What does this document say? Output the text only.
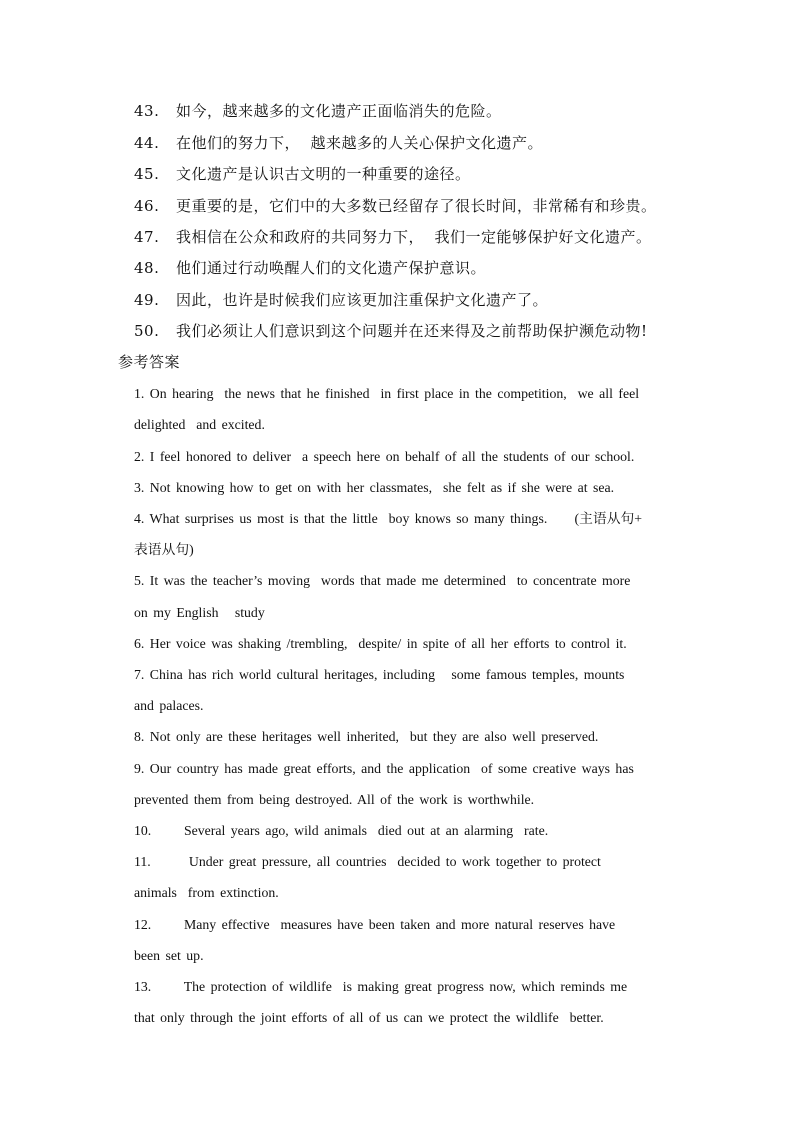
43. 如今，越来越多的文化遗产正面临消失的危险。
44. 在他们的努力下，  越来越多的人关心保护文化遗产。
45. 文化遗产是认识古文明的一种重要的途径。
46. 更重要的是，它们中的大多数已经留存了很长时间，非常稀有和珍贵。
47. 我相信在公众和政府的共同努力下，  我们一定能够保护好文化遗产。
48. 他们通过行动唤醒人们的文化遗产保护意识。
49. 因此，也许是时候我们应该更加注重保护文化遗产了。
50. 我们必须让人们意识到这个问题并在还来得及之前帮助保护濒危动物!
参考答案
1. On hearing  the news that he finished  in first place in the competition,  we all feel
delighted  and excited.
2. I feel honored to deliver  a speech here on behalf of all the students of our school.
3. Not knowing how to get on with her classmates,  she felt as if she were at sea.
4. What surprises us most is that the little  boy knows so many things.     (主语从句+
表语从句)
5. It was the teacher’s moving  words that made me determined  to concentrate more
on my English   study
6. Her voice was shaking /trembling,  despite/ in spite of all her efforts to control it.
7. China has rich world cultural heritages, including   some famous temples, mounts
and palaces.
8. Not only are these heritages well inherited,  but they are also well preserved.
9. Our country has made great efforts, and the application  of some creative ways has
prevented them from being destroyed. All of the work is worthwhile.
10.      Several years ago, wild animals  died out at an alarming  rate.
11.       Under great pressure, all countries  decided to work together to protect
animals  from extinction.
12.      Many effective  measures have been taken and more natural reserves have
been set up.
13.      The protection of wildlife  is making great progress now, which reminds me
that only through the joint efforts of all of us can we protect the wildlife  better.
